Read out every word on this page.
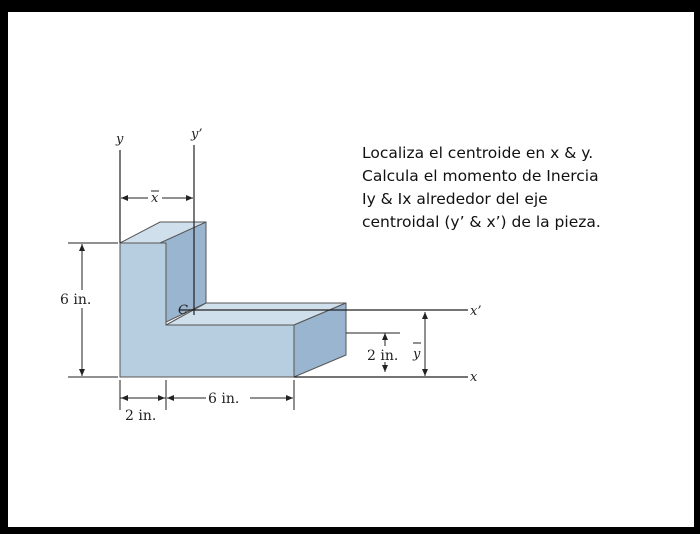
y	y’
x
x’
C
x
y
2 in.
6 in.
2 in.
6 in.
Localiza el centroide en x & y.
Calcula el momento de Inercia
Iy & Ix alrededor del eje
centroidal (y’ & x’) de la pieza.
